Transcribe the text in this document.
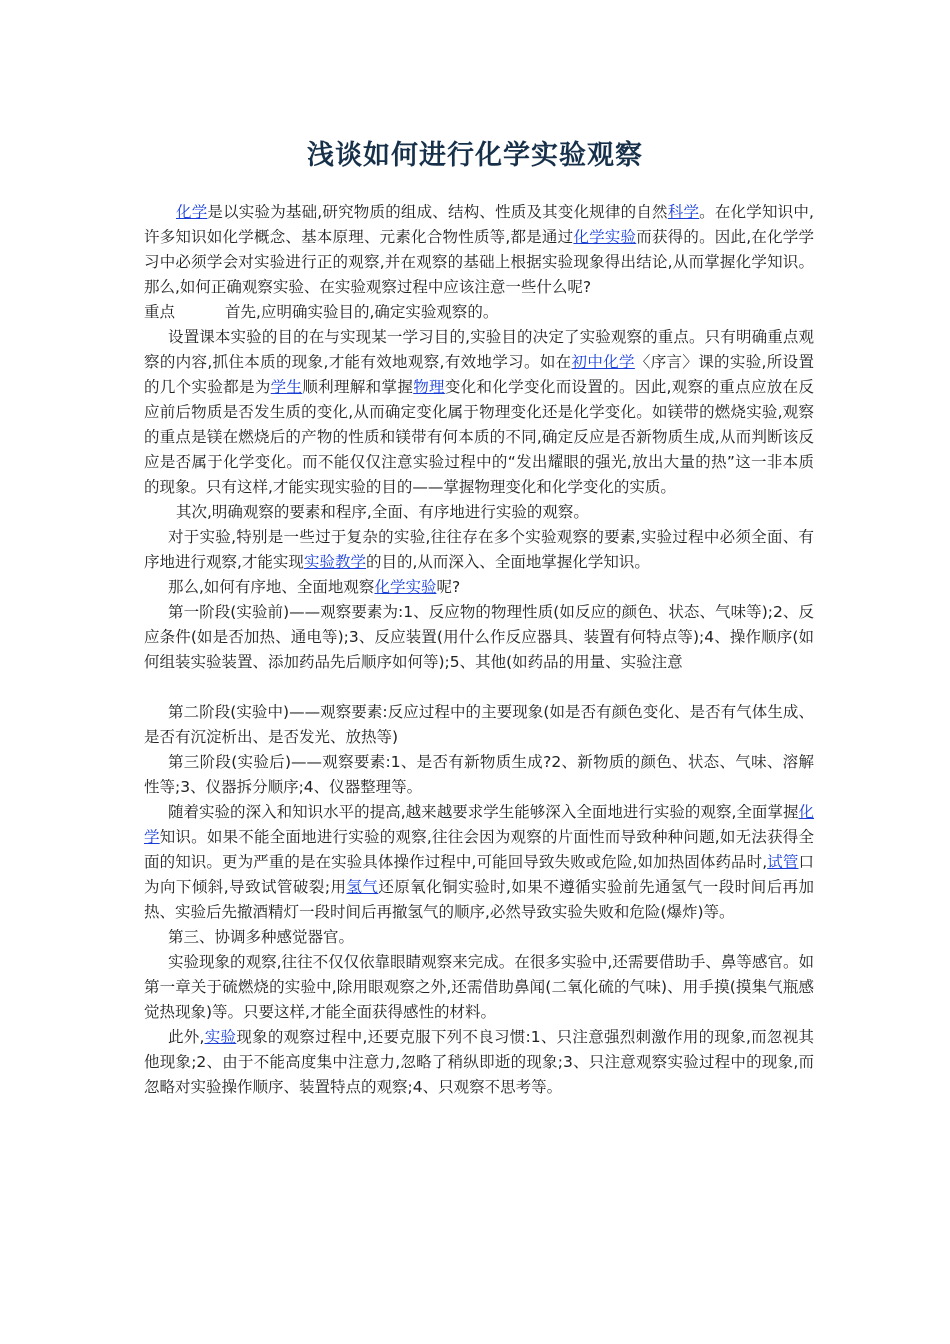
浅谈如何进行化学实验观察

化学是以实验为基础,研究物质的组成、结构、性质及其变化规律的自然科学。在化学知识中,许多知识如化学概念、基本原理、元素化合物性质等,都是通过化学实验而获得的。因此,在化学学习中必须学会对实验进行正的观察,并在观察的基础上根据实验现象得出结论,从而掌握化学知识。那么,如何正确观察实验、在实验观察过程中应该注意一些什么呢?

重点	首先,应明确实验目的,确定实验观察的。

设置课本实验的目的在与实现某一学习目的,实验目的决定了实验观察的重点。只有明确重点观察的内容,抓住本质的现象,才能有效地观察,有效地学习。如在初中化学〈序言〉课的实验,所设置的几个实验都是为学生顺利理解和掌握物理变化和化学变化而设置的。因此,观察的重点应放在反应前后物质是否发生质的变化,从而确定变化属于物理变化还是化学变化。如镁带的燃烧实验,观察的重点是镁在燃烧后的产物的性质和镁带有何本质的不同,确定反应是否新物质生成,从而判断该反应是否属于化学变化。而不能仅仅注意实验过程中的“发出耀眼的强光,放出大量的热”这一非本质的现象。只有这样,才能实现实验的目的——掌握物理变化和化学变化的实质。

其次,明确观察的要素和程序,全面、有序地进行实验的观察。

对于实验,特别是一些过于复杂的实验,往往存在多个实验观察的要素,实验过程中必须全面、有序地进行观察,才能实现实验教学的目的,从而深入、全面地掌握化学知识。

那么,如何有序地、全面地观察化学实验呢?

第一阶段(实验前)——观察要素为:1、反应物的物理性质(如反应的颜色、状态、气味等);2、反应条件(如是否加热、通电等);3、反应装置(用什么作反应器具、装置有何特点等);4、操作顺序(如何组装实验装置、添加药品先后顺序如何等);5、其他(如药品的用量、实验注意

第二阶段(实验中)——观察要素:反应过程中的主要现象(如是否有颜色变化、是否有气体生成、是否有沉淀析出、是否发光、放热等)

第三阶段(实验后)——观察要素:1、是否有新物质生成?2、新物质的颜色、状态、气味、溶解性等;3、仪器拆分顺序;4、仪器整理等。

随着实验的深入和知识水平的提高,越来越要求学生能够深入全面地进行实验的观察,全面掌握化学知识。如果不能全面地进行实验的观察,往往会因为观察的片面性而导致种种问题,如无法获得全面的知识。更为严重的是在实验具体操作过程中,可能回导致失败或危险,如加热固体药品时,试管口为向下倾斜,导致试管破裂;用氢气还原氧化铜实验时,如果不遵循实验前先通氢气一段时间后再加热、实验后先撤酒精灯一段时间后再撤氢气的顺序,必然导致实验失败和危险(爆炸)等。

第三、协调多种感觉器官。

实验现象的观察,往往不仅仅依靠眼睛观察来完成。在很多实验中,还需要借助手、鼻等感官。如第一章关于硫燃烧的实验中,除用眼观察之外,还需借助鼻闻(二氧化硫的气味)、用手摸(摸集气瓶感觉热现象)等。只要这样,才能全面获得感性的材料。

此外,实验现象的观察过程中,还要克服下列不良习惯:1、只注意强烈刺激作用的现象,而忽视其他现象;2、由于不能高度集中注意力,忽略了稍纵即逝的现象;3、只注意观察实验过程中的现象,而忽略对实验操作顺序、装置特点的观察;4、只观察不思考等。
